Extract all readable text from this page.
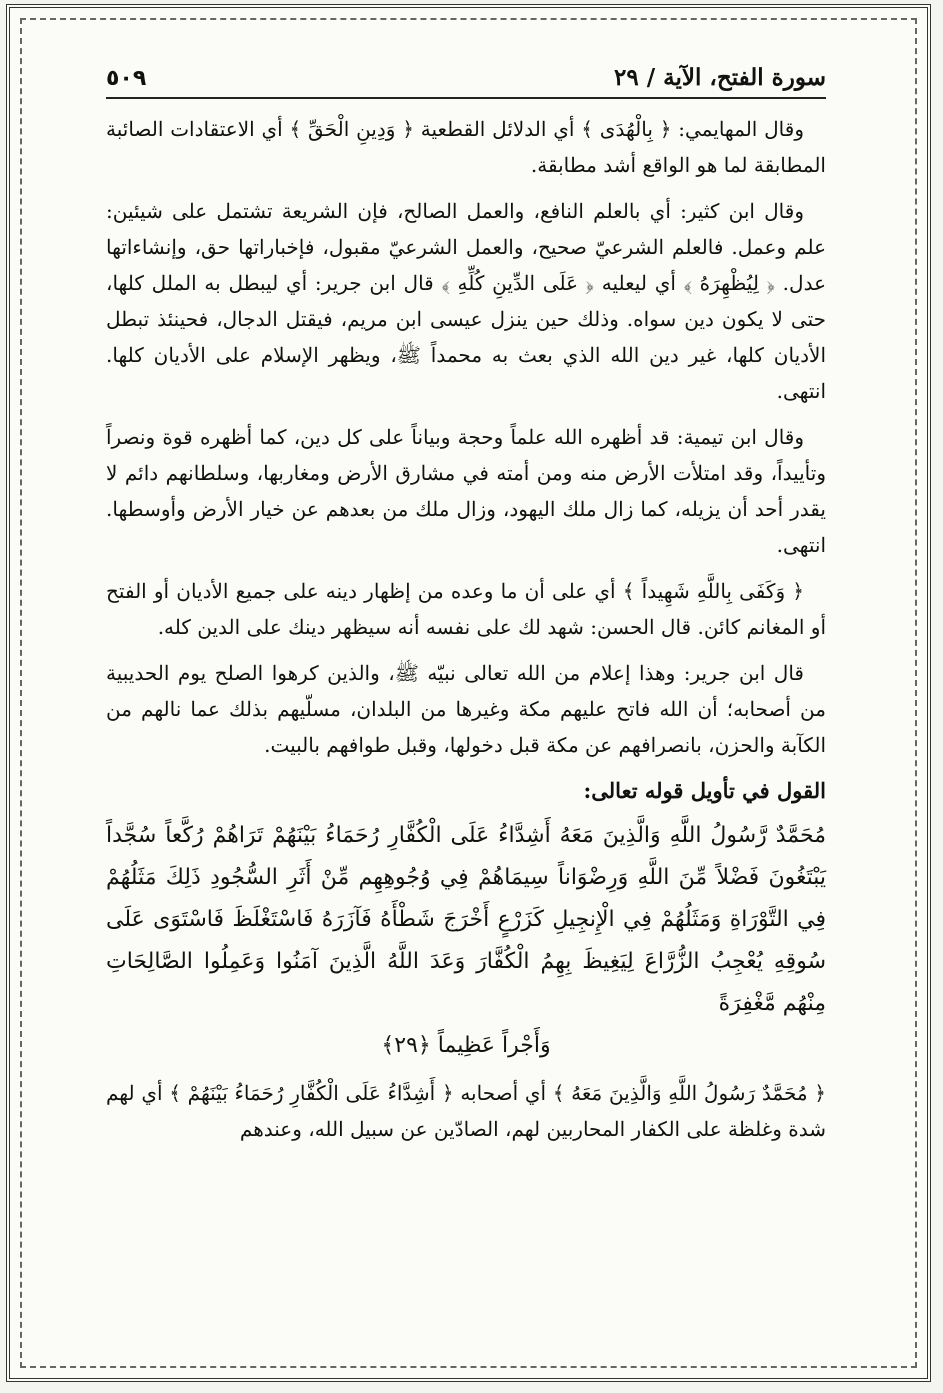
سورة الفتح، الآية / ٢٩
٥٠٩

وقال المهايمي: ﴿ بِالْهُدَى ﴾ أي الدلائل القطعية ﴿ وَدِينِ الْحَقِّ ﴾ أي الاعتقادات الصائبة المطابقة لما هو الواقع أشد مطابقة.

وقال ابن كثير: أي بالعلم النافع، والعمل الصالح، فإن الشريعة تشتمل على شيئين: علم وعمل. فالعلم الشرعيّ صحيح، والعمل الشرعيّ مقبول، فإخباراتها حق، وإنشاءاتها عدل. ﴿ لِيُظْهِرَهُ ﴾ أي ليعليه ﴿ عَلَى الدِّينِ كُلِّهِ ﴾ قال ابن جرير: أي ليبطل به الملل كلها، حتى لا يكون دين سواه. وذلك حين ينزل عيسى ابن مريم، فيقتل الدجال، فحينئذ تبطل الأديان كلها، غير دين الله الذي بعث به محمداً ﷺ، ويظهر الإسلام على الأديان كلها. انتهى.

وقال ابن تيمية: قد أظهره الله علماً وحجة وبياناً على كل دين، كما أظهره قوة ونصراً وتأييداً، وقد امتلأت الأرض منه ومن أمته في مشارق الأرض ومغاربها، وسلطانهم دائم لا يقدر أحد أن يزيله، كما زال ملك اليهود، وزال ملك من بعدهم عن خيار الأرض وأوسطها. انتهى.

﴿ وَكَفَى بِاللَّهِ شَهِيداً ﴾ أي على أن ما وعده من إظهار دينه على جميع الأديان أو الفتح أو المغانم كائن. قال الحسن: شهد لك على نفسه أنه سيظهر دينك على الدين كله.

قال ابن جرير: وهذا إعلام من الله تعالى نبيّه ﷺ، والذين كرهوا الصلح يوم الحديبية من أصحابه؛ أن الله فاتح عليهم مكة وغيرها من البلدان، مسلّيهم بذلك عما نالهم من الكآبة والحزن، بانصرافهم عن مكة قبل دخولها، وقبل طوافهم بالبيت.

القول في تأويل قوله تعالى:
مُحَمَّدٌ رَّسُولُ اللَّهِ وَالَّذِينَ مَعَهُ أَشِدَّاءُ عَلَى الْكُفَّارِ رُحَمَاءُ بَيْنَهُمْ تَرَاهُمْ رُكَّعاً سُجَّداً يَبْتَغُونَ فَضْلاً مِّنَ اللَّهِ وَرِضْوَاناً سِيمَاهُمْ فِي وُجُوهِهِم مِّنْ أَثَرِ السُّجُودِ ذَلِكَ مَثَلُهُمْ فِي التَّوْرَاةِ وَمَثَلُهُمْ فِي الْإِنجِيلِ كَزَرْعٍ أَخْرَجَ شَطْأَهُ فَآزَرَهُ فَاسْتَغْلَظَ فَاسْتَوَى عَلَى سُوقِهِ يُعْجِبُ الزُّرَّاعَ لِيَغِيظَ بِهِمُ الْكُفَّارَ وَعَدَ اللَّهُ الَّذِينَ آمَنُوا وَعَمِلُوا الصَّالِحَاتِ مِنْهُم مَّغْفِرَةً
وَأَجْراً عَظِيماً ﴿٢٩﴾

﴿ مُحَمَّدٌ رَسُولُ اللَّهِ وَالَّذِينَ مَعَهُ ﴾ أي أصحابه ﴿ أَشِدَّاءُ عَلَى الْكُفَّارِ رُحَمَاءُ بَيْنَهُمْ ﴾ أي لهم شدة وغلظة على الكفار المحاربين لهم، الصادّين عن سبيل الله، وعندهم
